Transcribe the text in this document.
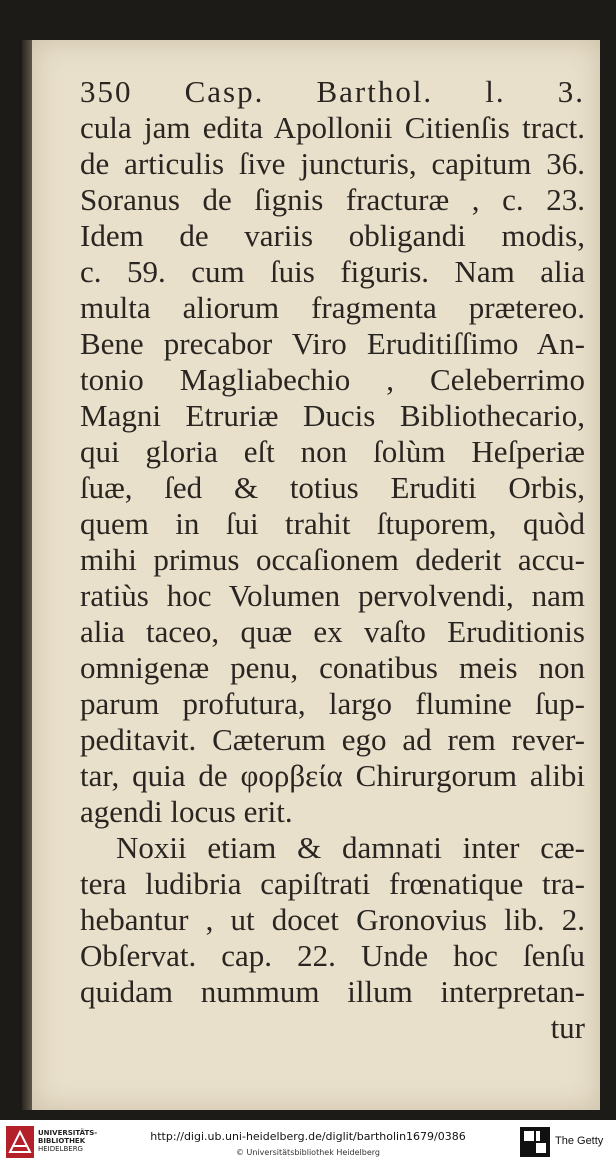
350 Casp. Barthol. l. 3.
cula jam edita Apollonii Citienſis tract.
de articulis ſive juncturis, capitum 36.
Soranus de ſignis fracturæ , c. 23.
Idem de variis obligandi modis,
c. 59. cum ſuis figuris. Nam alia
multa aliorum fragmenta prætereo.
Bene precabor Viro Eruditiſſimo An-
tonio Magliabechio , Celeberrimo
Magni Etruriæ Ducis Bibliothecario,
qui gloria eſt non ſolùm Heſperiæ
ſuæ, ſed & totius Eruditi Orbis,
quem in ſui trahit ſtuporem, quòd
mihi primus occaſionem dederit accu-
ratiùs hoc Volumen pervolvendi, nam
alia taceo, quæ ex vaſto Eruditionis
omnigenæ penu, conatibus meis non
parum profutura, largo flumine ſup-
peditavit. Cæterum ego ad rem rever-
tar, quia de φορβεία Chirurgorum alibi
agendi locus erit.
Noxii etiam & damnati inter cæ-
tera ludibria capiſtrati frœnatique tra-
hebantur , ut docet Gronovius lib. 2.
Obſervat. cap. 22. Unde hoc ſenſu
quidam nummum illum interpretan-
tur
UNIVERSITÄTS-
BIBLIOTHEK
HEIDELBERG
http://digi.ub.uni-heidelberg.de/diglit/bartholin1679/0386
© Universitätsbibliothek Heidelberg
The Getty
